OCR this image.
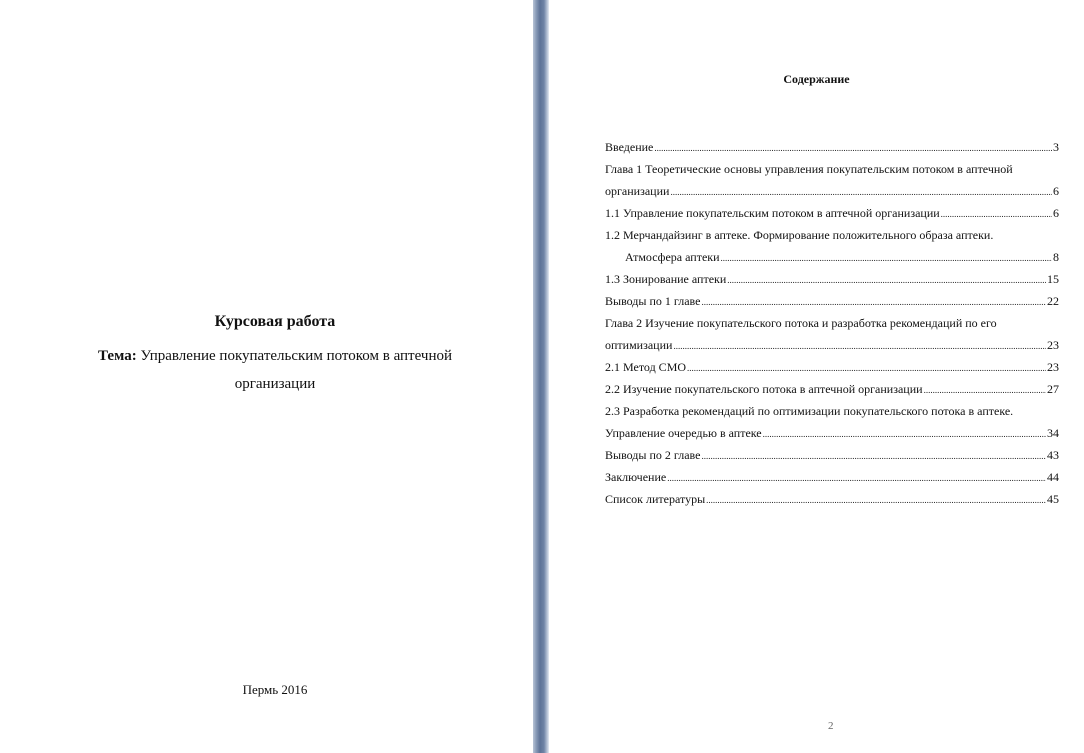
Курсовая работа
Тема: Управление покупательским потоком в аптечной
организации
Пермь 2016
Содержание
Введение .....	3
Глава 1 Теоретические основы управления покупательским потоком в аптечной
организации .....	6
1.1 Управление покупательским потоком в аптечной организации .....	6
1.2 Мерчандайзинг в аптеке. Формирование положительного образа аптеки.
Атмосфера аптеки .....	8
1.3 Зонирование аптеки .....	15
Выводы по 1 главе .....	22
Глава 2 Изучение покупательского потока и разработка рекомендаций по его
оптимизации .....	23
2.1 Метод СМО .....	23
2.2 Изучение покупательского потока в аптечной организации .....	27
2.3 Разработка рекомендаций по оптимизации покупательского потока в аптеке.
Управление очередью в аптеке .....	34
Выводы по 2 главе .....	43
Заключение .....	44
Список литературы .....	45
2
